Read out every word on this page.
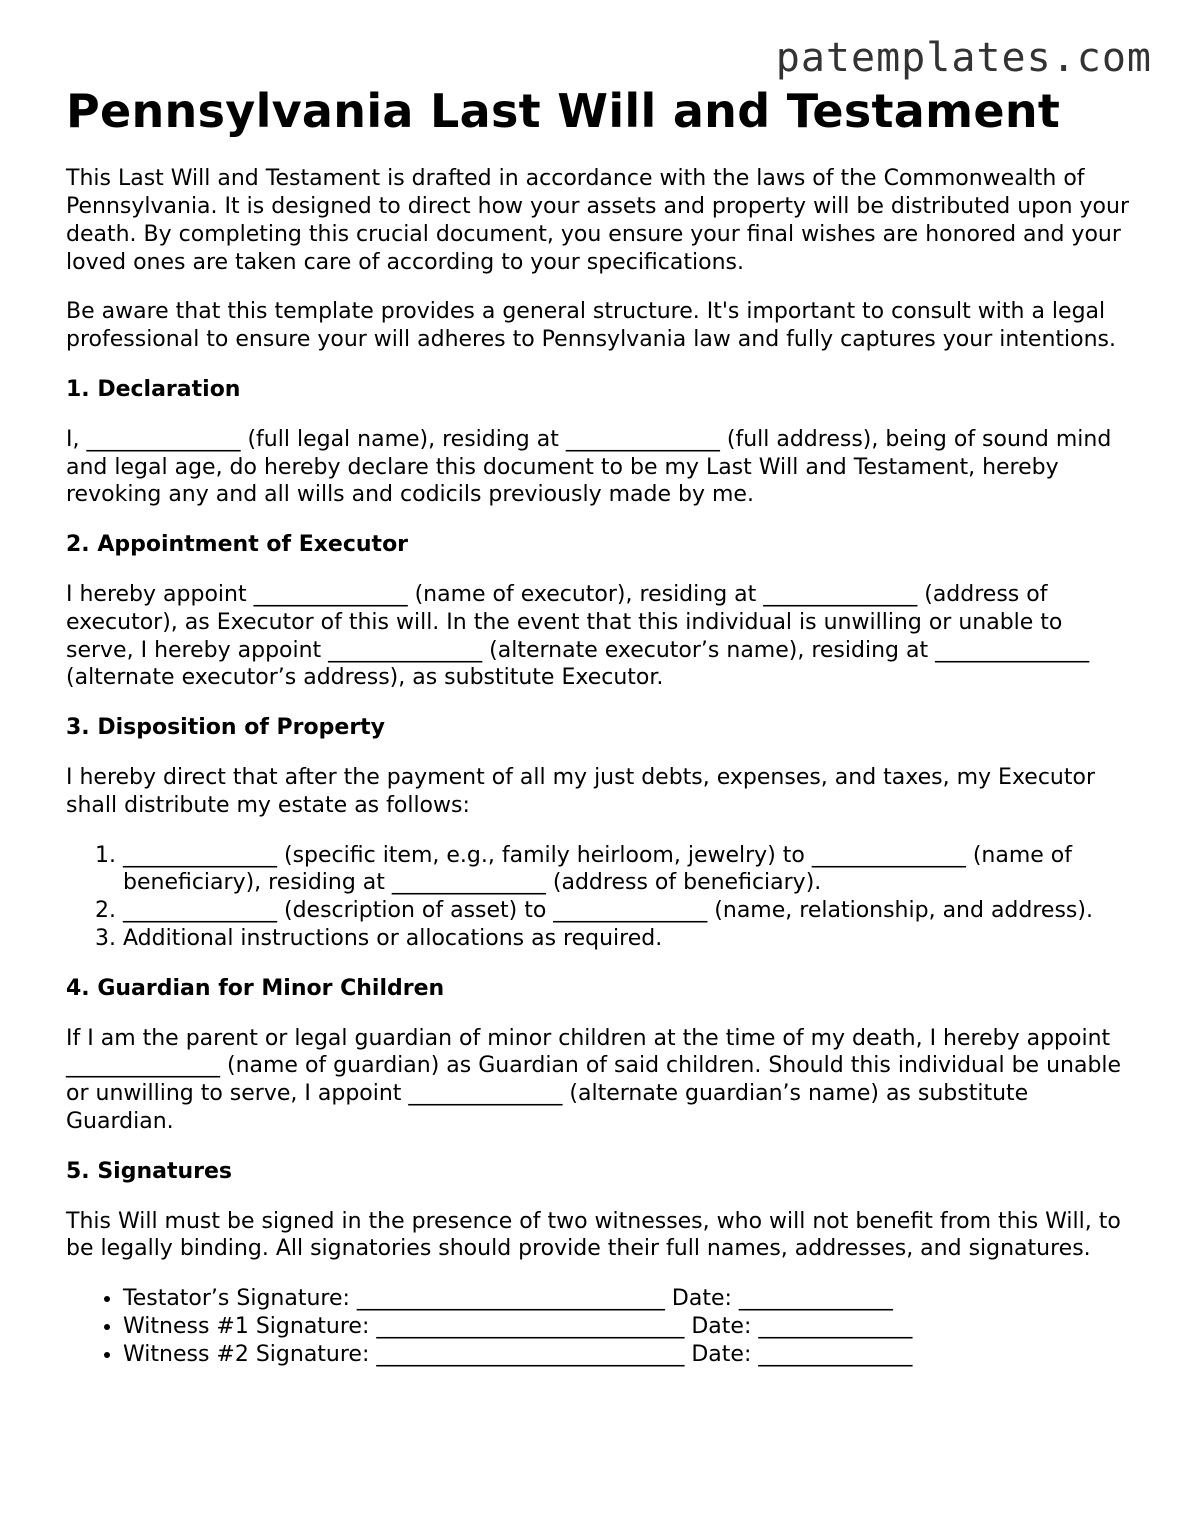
patemplates.com
Pennsylvania Last Will and Testament

This Last Will and Testament is drafted in accordance with the laws of the Commonwealth of Pennsylvania. It is designed to direct how your assets and property will be distributed upon your death. By completing this crucial document, you ensure your final wishes are honored and your loved ones are taken care of according to your specifications.

Be aware that this template provides a general structure. It's important to consult with a legal professional to ensure your will adheres to Pennsylvania law and fully captures your intentions.

1. Declaration

I, ______________ (full legal name), residing at ______________ (full address), being of sound mind and legal age, do hereby declare this document to be my Last Will and Testament, hereby revoking any and all wills and codicils previously made by me.

2. Appointment of Executor

I hereby appoint ______________ (name of executor), residing at ______________ (address of executor), as Executor of this will. In the event that this individual is unwilling or unable to serve, I hereby appoint ______________ (alternate executor’s name), residing at ______________ (alternate executor’s address), as substitute Executor.

3. Disposition of Property

I hereby direct that after the payment of all my just debts, expenses, and taxes, my Executor shall distribute my estate as follows:

1. ______________ (specific item, e.g., family heirloom, jewelry) to ______________ (name of beneficiary), residing at ______________ (address of beneficiary).
2. ______________ (description of asset) to ______________ (name, relationship, and address).
3. Additional instructions or allocations as required.
4. Guardian for Minor Children

If I am the parent or legal guardian of minor children at the time of my death, I hereby appoint ______________ (name of guardian) as Guardian of said children. Should this individual be unable or unwilling to serve, I appoint ______________ (alternate guardian’s name) as substitute Guardian.

5. Signatures

This Will must be signed in the presence of two witnesses, who will not benefit from this Will, to be legally binding. All signatories should provide their full names, addresses, and signatures.

• Testator’s Signature: ____________________________ Date: ______________
• Witness #1 Signature: ____________________________ Date: ______________
• Witness #2 Signature: ____________________________ Date: ______________
